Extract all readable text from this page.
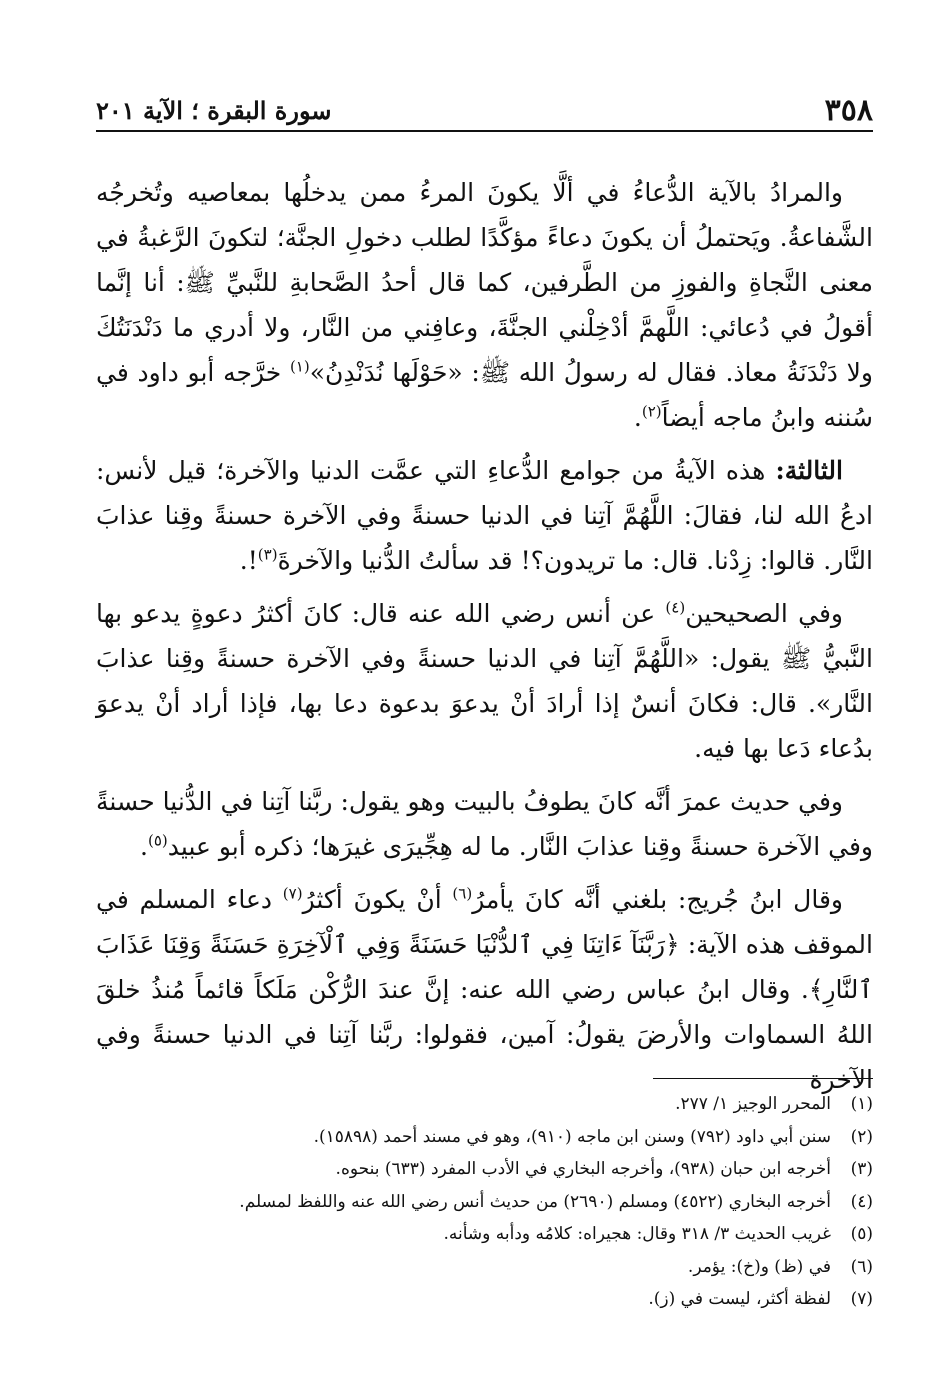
٣٥٨
سورة البقرة ؛ الآية ٢٠١

والمرادُ بالآية الدُّعاءُ في ألَّا يكونَ المرءُ ممن يدخلُها بمعاصيه وتُخرجُه الشَّفاعةُ. ويَحتملُ أن يكونَ دعاءً مؤكَّدًا لطلب دخولِ الجنَّة؛ لتكونَ الرَّغبةُ في معنى النَّجاةِ والفوزِ من الطَّرفين، كما قال أحدُ الصَّحابةِ للنَّبيِّ ﷺ: أنا إنَّما أقولُ في دُعائي: اللَّهمَّ أدْخِلْني الجنَّةَ، وعافِني من النَّار، ولا أدري ما دَنْدَنَتُكَ ولا دَنْدَنَةُ معاذ. فقال له رسولُ الله ﷺ: «حَوْلَها نُدَنْدِنُ»$^{(١)}$ خرَّجه أبو داود في سُننه وابنُ ماجه أيضاً$^{(٢)}$.

الثالثة: هذه الآيةُ من جوامع الدُّعاءِ التي عمَّت الدنيا والآخرة؛ قيل لأنس: ادعُ الله لنا، فقالَ: اللَّهُمَّ آتِنا في الدنيا حسنةً وفي الآخرة حسنةً وقِنا عذابَ النَّار. قالوا: زِدْنا. قال: ما تريدون؟! قد سألتُ الدُّنيا والآخرةَ$^{(٣)}$!.

وفي الصحيحين$^{(٤)}$ عن أنس رضي الله عنه قال: كانَ أكثرُ دعوةٍ يدعو بها النَّبيُّ ﷺ يقول: «اللَّهُمَّ آتِنا في الدنيا حسنةً وفي الآخرة حسنةً وقِنا عذابَ النَّار». قال: فكانَ أنسٌ إذا أرادَ أنْ يدعوَ بدعوة دعا بها، فإذا أراد أنْ يدعوَ بدُعاء دَعا بها فيه.

وفي حديث عمرَ أنَّه كانَ يطوفُ بالبيت وهو يقول: ربَّنا آتِنا في الدُّنيا حسنةً وفي الآخرة حسنةً وقِنا عذابَ النَّار. ما له هِجِّيرَى غيرَها؛ ذكره أبو عبيد$^{(٥)}$.

وقال ابنُ جُريج: بلغني أنَّه كانَ يأمرُ$^{(٦)}$ أنْ يكونَ أكثرُ$^{(٧)}$ دعاء المسلم في الموقف هذه الآية: ﴿رَبَّنَآ ءَاتِنَا فِي ٱلدُّنْيَا حَسَنَةً وَفِي ٱلْآخِرَةِ حَسَنَةً وَقِنَا عَذَابَ ٱلنَّارِ﴾. وقال ابنُ عباس رضي الله عنه: إنَّ عندَ الرُّكْن مَلَكاً قائماً مُنذُ خلقَ اللهُ السماوات والأرضَ يقولُ: آمين، فقولوا: ربَّنا آتِنا في الدنيا حسنةً وفي الآخرة

(١)
المحرر الوجيز ١/ ٢٧٧.
(٢)
سنن أبي داود (٧٩٢) وسنن ابن ماجه (٩١٠)، وهو في مسند أحمد (١٥٨٩٨).
(٣)
أخرجه ابن حبان (٩٣٨)، وأخرجه البخاري في الأدب المفرد (٦٣٣) بنحوه.
(٤)
أخرجه البخاري (٤٥٢٢) ومسلم (٢٦٩٠) من حديث أنس رضي الله عنه واللفظ لمسلم.
(٥)
غريب الحديث ٣/ ٣١٨ وقال: هجيراه: كلامُه ودأبه وشأنه.
(٦)
في (ظ) و(خ): يؤمر.
(٧)
لفظة أكثر، ليست في (ز).
